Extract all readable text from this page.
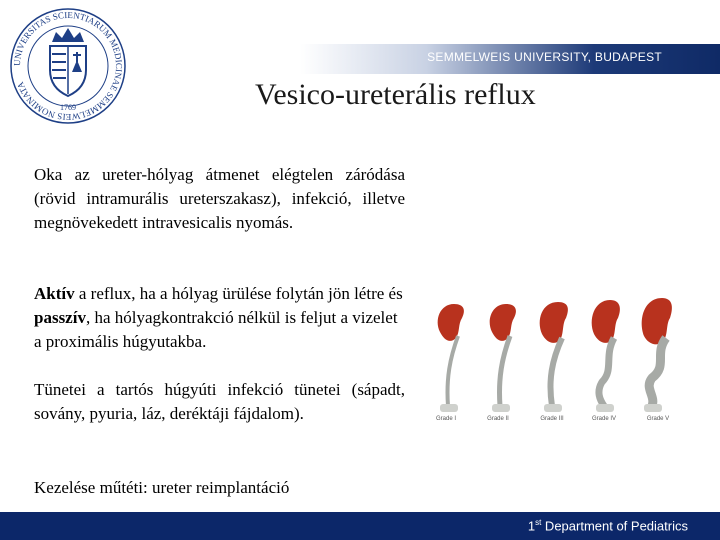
UNIVERSITAS SCIENTIARUM MEDICINAE SEMMELWEIS NOMINATA
1769
SEMMELWEIS UNIVERSITY, BUDAPEST
Vesico-ureterális reflux
Oka az ureter-hólyag átmenet elégtelen záródása (rövid intramurális ureterszakasz), infekció, illetve megnövekedett intravesicalis nyomás.
Aktív a reflux, ha a hólyag ürülése folytán jön létre és passzív, ha hólyagkontrakció nélkül is feljut a vizelet a proximális húgyutakba.
Tünetei a tartós húgyúti infekció tünetei (sápadt, sovány, pyuria, láz, deréktáji fájdalom).
Kezelése műtéti: ureter reimplantáció
Grade I	Grade II	Grade III	Grade IV	Grade V
1st Department of Pediatrics
